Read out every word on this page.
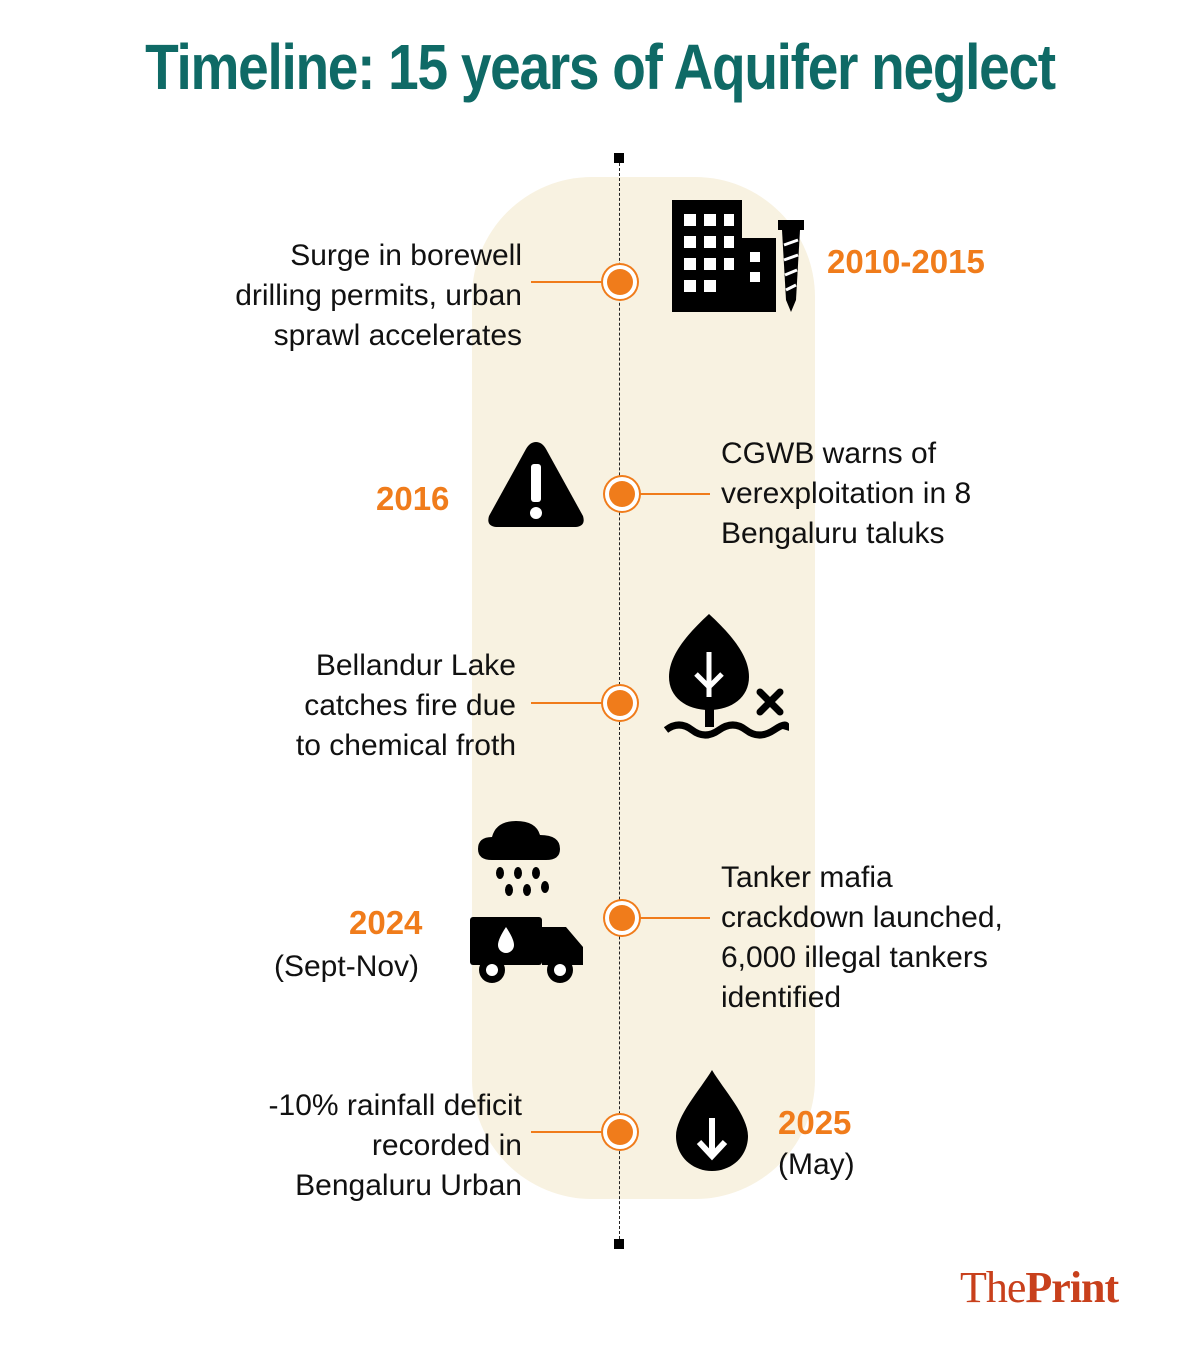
Timeline: 15 years of Aquifer neglect
Surge in borewell
drilling permits, urban
sprawl accelerates
2010-2015
2016
CGWB warns of
verexploitation in 8
Bengaluru taluks
Bellandur Lake
catches fire due
to chemical froth
2024
(Sept-Nov)
Tanker mafia
crackdown launched,
6,000 illegal tankers
identified
-10% rainfall deficit
recorded in
Bengaluru Urban
2025
(May)
ThePrint
